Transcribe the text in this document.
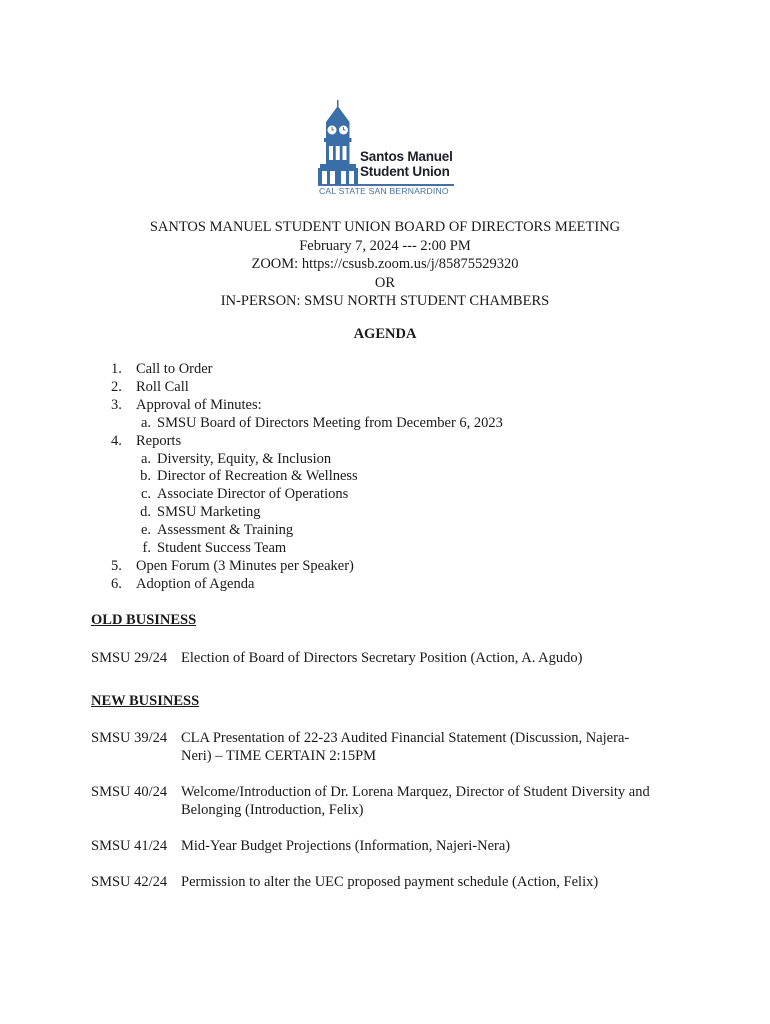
Santos Manuel
Student Union
CAL STATE SAN BERNARDINO
SANTOS MANUEL STUDENT UNION BOARD OF DIRECTORS MEETING
February 7, 2024 --- 2:00 PM
ZOOM: https://csusb.zoom.us/j/85875529320
OR
IN-PERSON: SMSU NORTH STUDENT CHAMBERS
AGENDA
1. Call to Order
2. Roll Call
3. Approval of Minutes:
a. SMSU Board of Directors Meeting from December 6, 2023
4. Reports
a. Diversity, Equity, & Inclusion
b. Director of Recreation & Wellness
c. Associate Director of Operations
d. SMSU Marketing
e. Assessment & Training
f. Student Success Team
5. Open Forum (3 Minutes per Speaker)
6. Adoption of Agenda
OLD BUSINESS
SMSU 29/24 Election of Board of Directors Secretary Position (Action, A. Agudo)
NEW BUSINESS
SMSU 39/24 CLA Presentation of 22-23 Audited Financial Statement (Discussion, Najera-Neri) – TIME CERTAIN 2:15PM
SMSU 40/24 Welcome/Introduction of Dr. Lorena Marquez, Director of Student Diversity and Belonging (Introduction, Felix)
SMSU 41/24 Mid-Year Budget Projections (Information, Najeri-Nera)
SMSU 42/24 Permission to alter the UEC proposed payment schedule (Action, Felix)
